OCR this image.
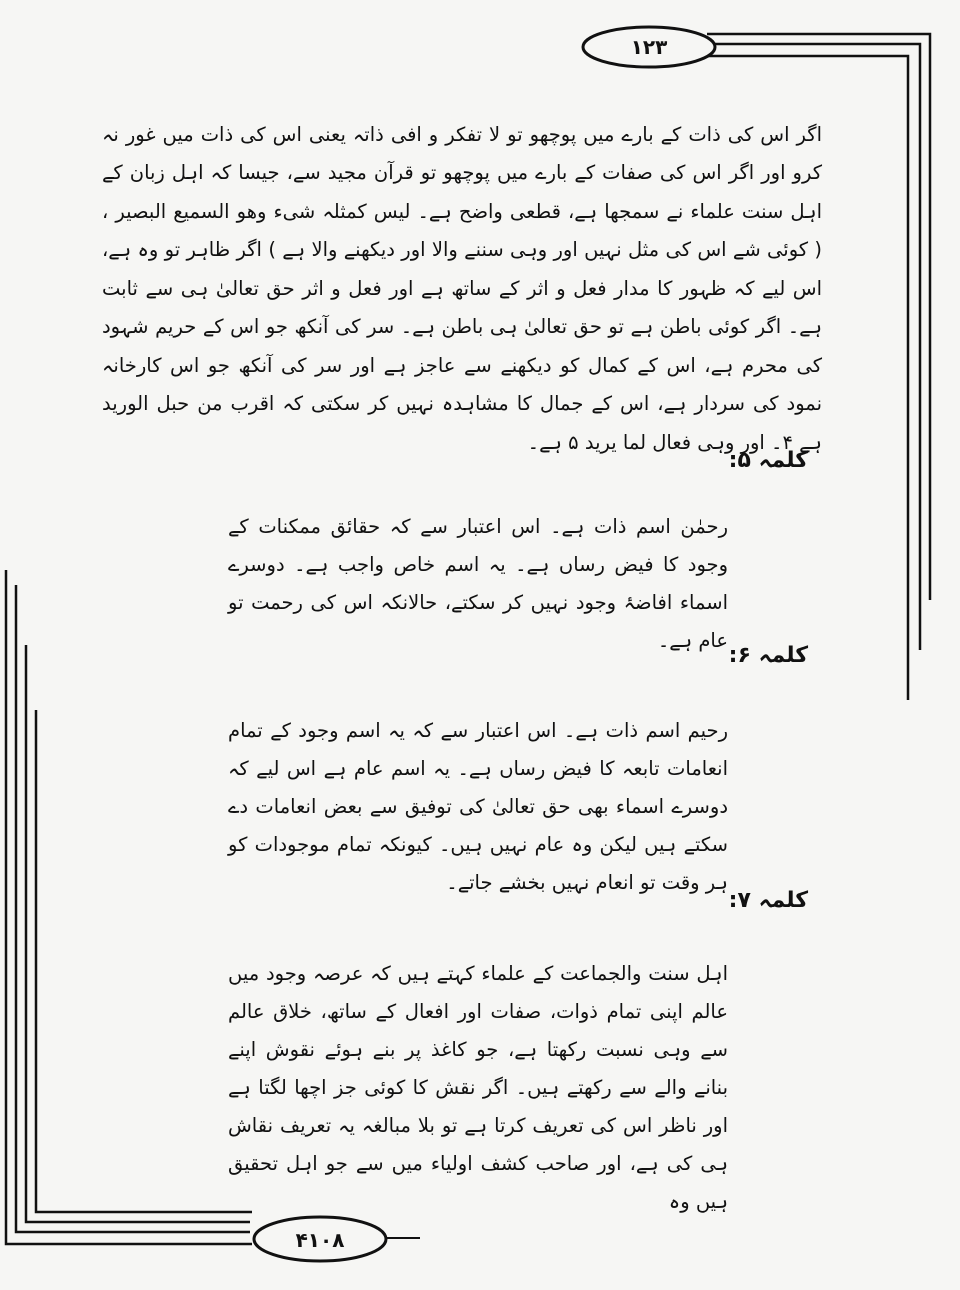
۱۲۳
۴۱۰۸

اگر اس کی ذات کے بارے میں پوچھو تو لا تفکر و افی ذاتہ یعنی اس کی ذات میں غور نہ کرو اور اگر اس کی صفات کے بارے میں پوچھو تو قرآن مجید سے، جیسا کہ اہل زبان کے اہل سنت علماء نے سمجھا ہے، قطعی واضح ہے۔ لیس کمثلہ شیء وھو السمیع البصیر ، ( کوئی شے اس کی مثل نہیں اور وہی سننے والا اور دیکھنے والا ہے ) اگر ظاہر تو وہ ہے، اس لیے کہ ظہور کا مدار فعل و اثر کے ساتھ ہے اور فعل و اثر حق تعالیٰ ہی سے ثابت ہے۔ اگر کوئی باطن ہے تو حق تعالیٰ ہی باطن ہے۔ سر کی آنکھ جو اس کے حریم شہود کی محرم ہے، اس کے کمال کو دیکھنے سے عاجز ہے اور سر کی آنکھ جو اس کارخانہ نمود کی سردار ہے، اس کے جمال کا مشاہدہ نہیں کر سکتی کہ اقرب من حبل الورید ہے ۴۔ اور وہی فعال لما یرید ۵ ہے۔

کلمہ ۵:

رحمٰن اسم ذات ہے۔ اس اعتبار سے کہ حقائق ممکنات کے وجود کا فیض رساں ہے۔ یہ اسم خاص واجب ہے۔ دوسرے اسماء افاضۂ وجود نہیں کر سکتے، حالانکہ اس کی رحمت تو عام ہے۔

کلمہ ۶:

رحیم اسم ذات ہے۔ اس اعتبار سے کہ یہ اسم وجود کے تمام انعامات تابعہ کا فیض رساں ہے۔ یہ اسم عام ہے اس لیے کہ دوسرے اسماء بھی حق تعالیٰ کی توفیق سے بعض انعامات دے سکتے ہیں لیکن وہ عام نہیں ہیں۔ کیونکہ تمام موجودات کو ہر وقت تو انعام نہیں بخشے جاتے۔

کلمہ ۷:

اہل سنت والجماعت کے علماء کہتے ہیں کہ عرصہ وجود میں عالم اپنی تمام ذوات، صفات اور افعال کے ساتھ، خلاق عالم سے وہی نسبت رکھتا ہے، جو کاغذ پر بنے ہوئے نقوش اپنے بنانے والے سے رکھتے ہیں۔ اگر نقش کا کوئی جز اچھا لگتا ہے اور ناظر اس کی تعریف کرتا ہے تو بلا مبالغہ یہ تعریف نقاش ہی کی ہے، اور صاحب کشف اولیاء میں سے جو اہل تحقیق ہیں وہ
